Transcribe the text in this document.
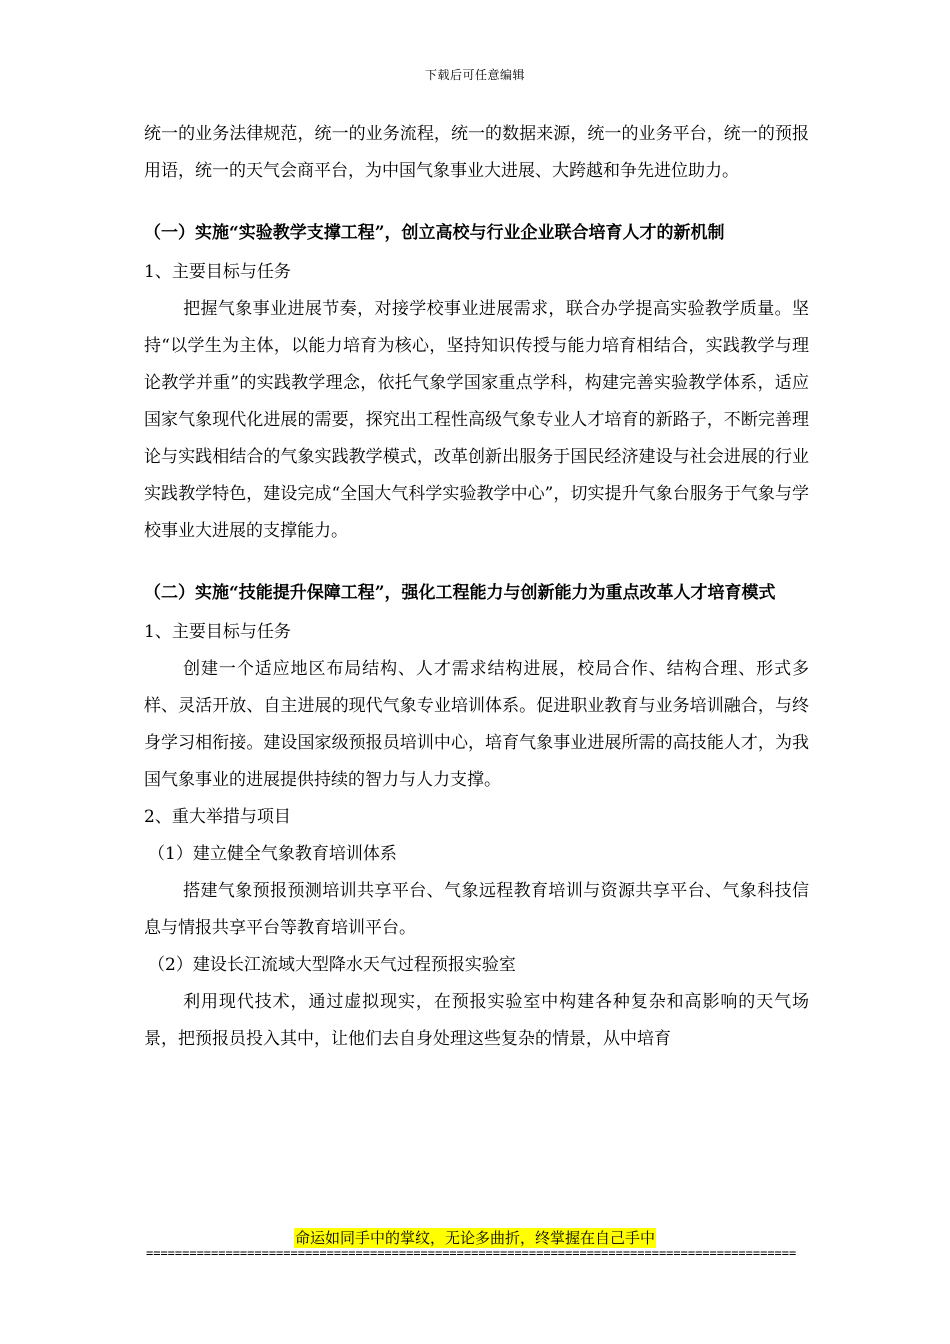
下载后可任意编辑

统一的业务法律规范，统一的业务流程，统一的数据来源，统一的业务平台，统一的预报用语，统一的天气会商平台，为中国气象事业大进展、大跨越和争先进位助力。

（一）实施“实验教学支撑工程”，创立高校与行业企业联合培育人才的新机制

1、主要目标与任务

把握气象事业进展节奏，对接学校事业进展需求，联合办学提高实验教学质量。坚持“以学生为主体，以能力培育为核心，坚持知识传授与能力培育相结合，实践教学与理论教学并重”的实践教学理念，依托气象学国家重点学科，构建完善实验教学体系，适应国家气象现代化进展的需要，探究出工程性高级气象专业人才培育的新路子，不断完善理论与实践相结合的气象实践教学模式，改革创新出服务于国民经济建设与社会进展的行业实践教学特色，建设完成“全国大气科学实验教学中心”，切实提升气象台服务于气象与学校事业大进展的支撑能力。

（二）实施“技能提升保障工程”，强化工程能力与创新能力为重点改革人才培育模式

1、主要目标与任务

创建一个适应地区布局结构、人才需求结构进展，校局合作、结构合理、形式多样、灵活开放、自主进展的现代气象专业培训体系。促进职业教育与业务培训融合，与终身学习相衔接。建设国家级预报员培训中心，培育气象事业进展所需的高技能人才，为我国气象事业的进展提供持续的智力与人力支撑。

2、重大举措与项目

（1）建立健全气象教育培训体系

搭建气象预报预测培训共享平台、气象远程教育培训与资源共享平台、气象科技信息与情报共享平台等教育培训平台。

（2）建设长江流域大型降水天气过程预报实验室

利用现代技术，通过虚拟现实，在预报实验室中构建各种复杂和高影响的天气场景，把预报员投入其中，让他们去自身处理这些复杂的情景，从中培育

命运如同手中的掌纹，无论多曲折，终掌握在自己手中
==========================================================================================
